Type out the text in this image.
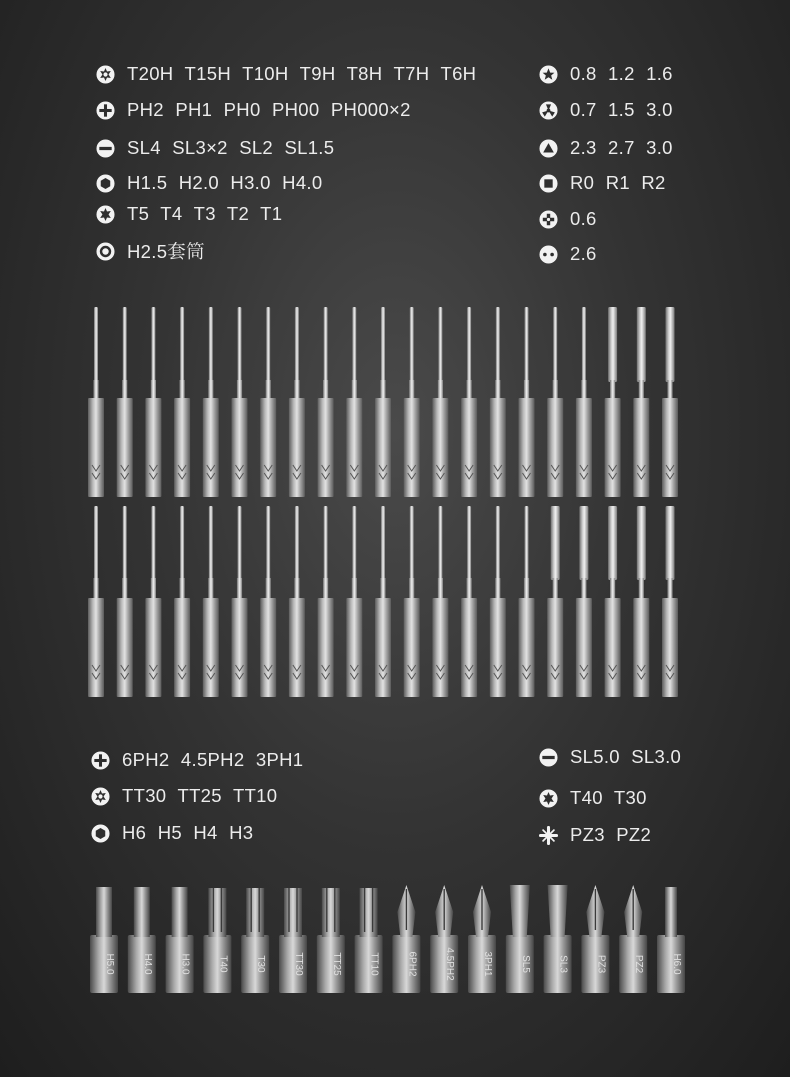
T20H T15H T10H T9H T8H T7H T6H
PH2 PH1 PH0 PH00 PH000×2
SL4 SL3×2 SL2 SL1.5
H1.5 H2.0 H3.0 H4.0
T5 T4 T3 T2 T1
H2.5套筒
0.8 1.2 1.6
0.7 1.5 3.0
2.3 2.7 3.0
R0 R1 R2
0.6
2.6
6PH2 4.5PH2 3PH1
TT30 TT25 TT10
H6 H5 H4 H3
SL5.0 SL3.0
T40 T30
PZ3 PZ2
H5.0	H4.0	H3.0	T40	T30	TT30	TT25	TT10	6PH2	4.5PH2	3PH1	SL5	SL3	PZ3	PZ2	H6.0
